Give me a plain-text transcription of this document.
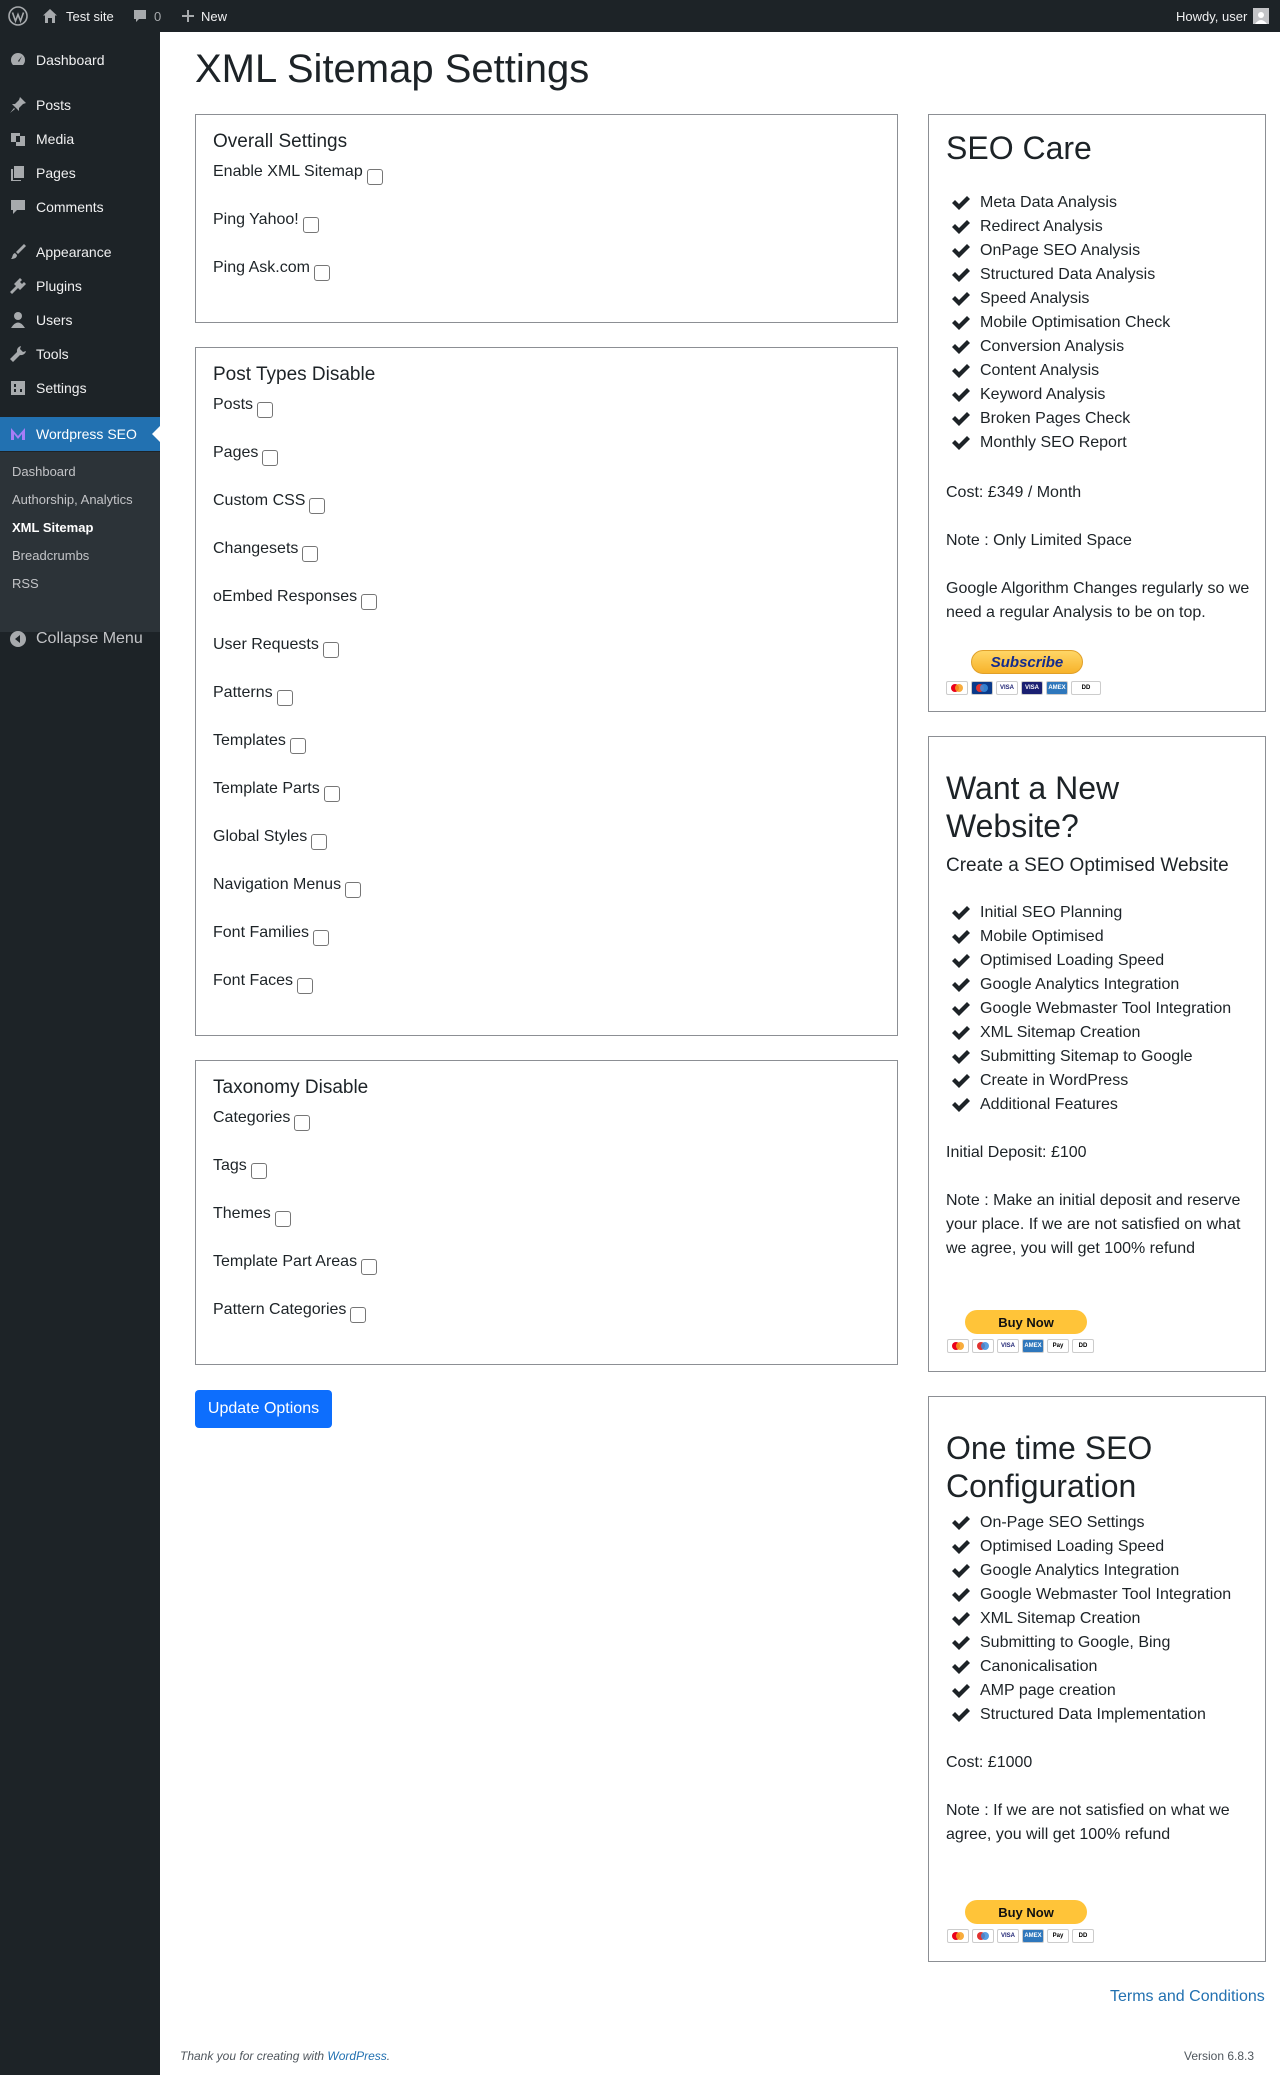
Test site	0	New	Howdy, user
Dashboard
Posts
Media
Pages
Comments
Appearance
Plugins
Users
Tools
Settings
Wordpress SEO
Dashboard
Authorship, Analytics
XML Sitemap
Breadcrumbs
RSS
Collapse Menu
XML Sitemap Settings
Overall Settings
Enable XML Sitemap
Ping Yahoo!
Ping Ask.com
Post Types Disable
Posts
Pages
Custom CSS
Changesets
oEmbed Responses
User Requests
Patterns
Templates
Template Parts
Global Styles
Navigation Menus
Font Families
Font Faces
Taxonomy Disable
Categories
Tags
Themes
Template Part Areas
Pattern Categories
Update Options
SEO Care
Meta Data Analysis
Redirect Analysis
OnPage SEO Analysis
Structured Data Analysis
Speed Analysis
Mobile Optimisation Check
Conversion Analysis
Content Analysis
Keyword Analysis
Broken Pages Check
Monthly SEO Report
Cost: £349 / Month
Note : Only Limited Space
Google Algorithm Changes regularly so we need a regular Analysis to be on top.
Subscribe
VISA	VISA	AMEX	DD
Want a New Website?
Create a SEO Optimised Website
Initial SEO Planning
Mobile Optimised
Optimised Loading Speed
Google Analytics Integration
Google Webmaster Tool Integration
XML Sitemap Creation
Submitting Sitemap to Google
Create in WordPress
Additional Features
Initial Deposit: £100
Note : Make an initial deposit and reserve your place. If we are not satisfied on what we agree, you will get 100% refund
Buy Now
VISA	AMEX	Pay	DD
One time SEO Configuration
On-Page SEO Settings
Optimised Loading Speed
Google Analytics Integration
Google Webmaster Tool Integration
XML Sitemap Creation
Submitting to Google, Bing
Canonicalisation
AMP page creation
Structured Data Implementation
Cost: £1000
Note : If we are not satisfied on what we agree, you will get 100% refund
Buy Now
VISA	AMEX	Pay	DD
Terms and Conditions
Thank you for creating with WordPress.	Version 6.8.3
